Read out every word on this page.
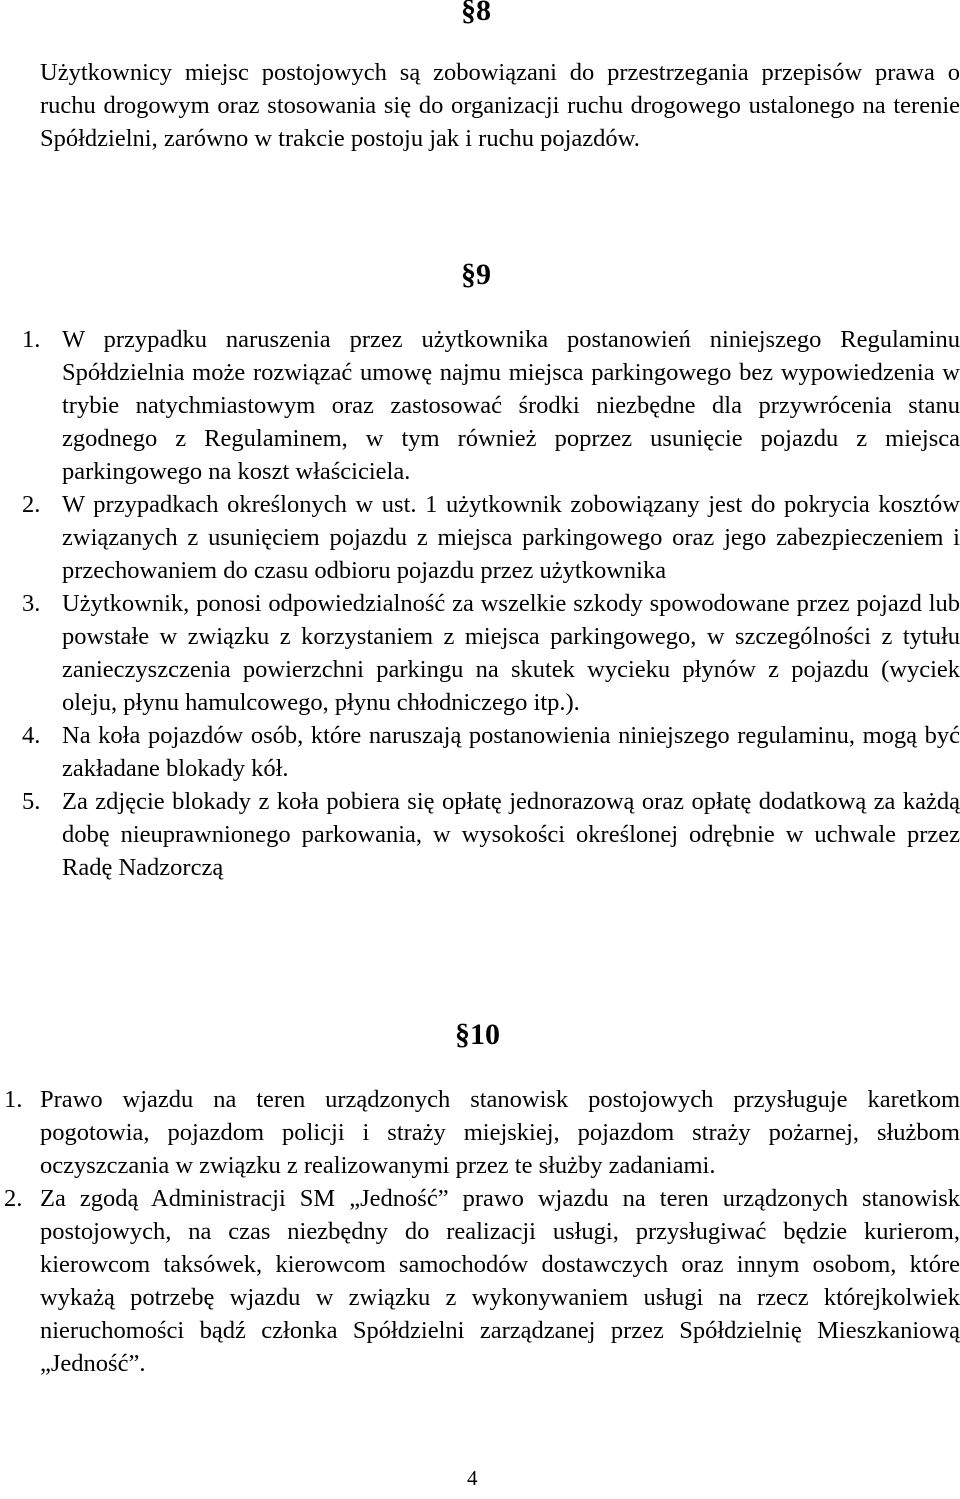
§8
Użytkownicy miejsc postojowych są zobowiązani do przestrzegania przepisów prawa o ruchu drogowym oraz stosowania się do organizacji ruchu drogowego ustalonego na terenie Spółdzielni, zarówno w trakcie postoju jak i ruchu pojazdów.
§9
1. W przypadku naruszenia przez użytkownika postanowień niniejszego Regulaminu Spółdzielnia może rozwiązać umowę najmu miejsca parkingowego bez wypowiedzenia w trybie natychmiastowym oraz zastosować środki niezbędne dla przywrócenia stanu zgodnego z Regulaminem, w tym również poprzez usunięcie pojazdu z miejsca parkingowego na koszt właściciela.
2. W przypadkach określonych w ust. 1 użytkownik zobowiązany jest do pokrycia kosztów związanych z usunięciem pojazdu z miejsca parkingowego oraz jego zabezpieczeniem i przechowaniem do czasu odbioru pojazdu przez użytkownika
3. Użytkownik, ponosi odpowiedzialność za wszelkie szkody spowodowane przez pojazd lub powstałe w związku z korzystaniem z miejsca parkingowego, w szczególności z tytułu zanieczyszczenia powierzchni parkingu na skutek wycieku płynów z pojazdu (wyciek oleju, płynu hamulcowego, płynu chłodniczego itp.).
4. Na koła pojazdów osób, które naruszają postanowienia niniejszego regulaminu, mogą być zakładane blokady kół.
5. Za zdjęcie blokady z koła pobiera się opłatę jednorazową oraz opłatę dodatkową za każdą dobę nieuprawnionego parkowania, w wysokości określonej odrębnie w uchwale przez Radę Nadzorczą
§10
1. Prawo wjazdu na teren urządzonych stanowisk postojowych przysługuje karetkom pogotowia, pojazdom policji i straży miejskiej, pojazdom straży pożarnej, służbom oczyszczania w związku z realizowanymi przez te służby zadaniami.
2. Za zgodą Administracji SM „Jedność” prawo wjazdu na teren urządzonych stanowisk postojowych, na czas niezbędny do realizacji usługi, przysługiwać będzie kurierom, kierowcom taksówek, kierowcom samochodów dostawczych oraz innym osobom, które wykażą potrzebę wjazdu w związku z wykonywaniem usługi na rzecz którejkolwiek nieruchomości bądź członka Spółdzielni zarządzanej przez Spółdzielnię Mieszkaniową „Jedność”.
4
